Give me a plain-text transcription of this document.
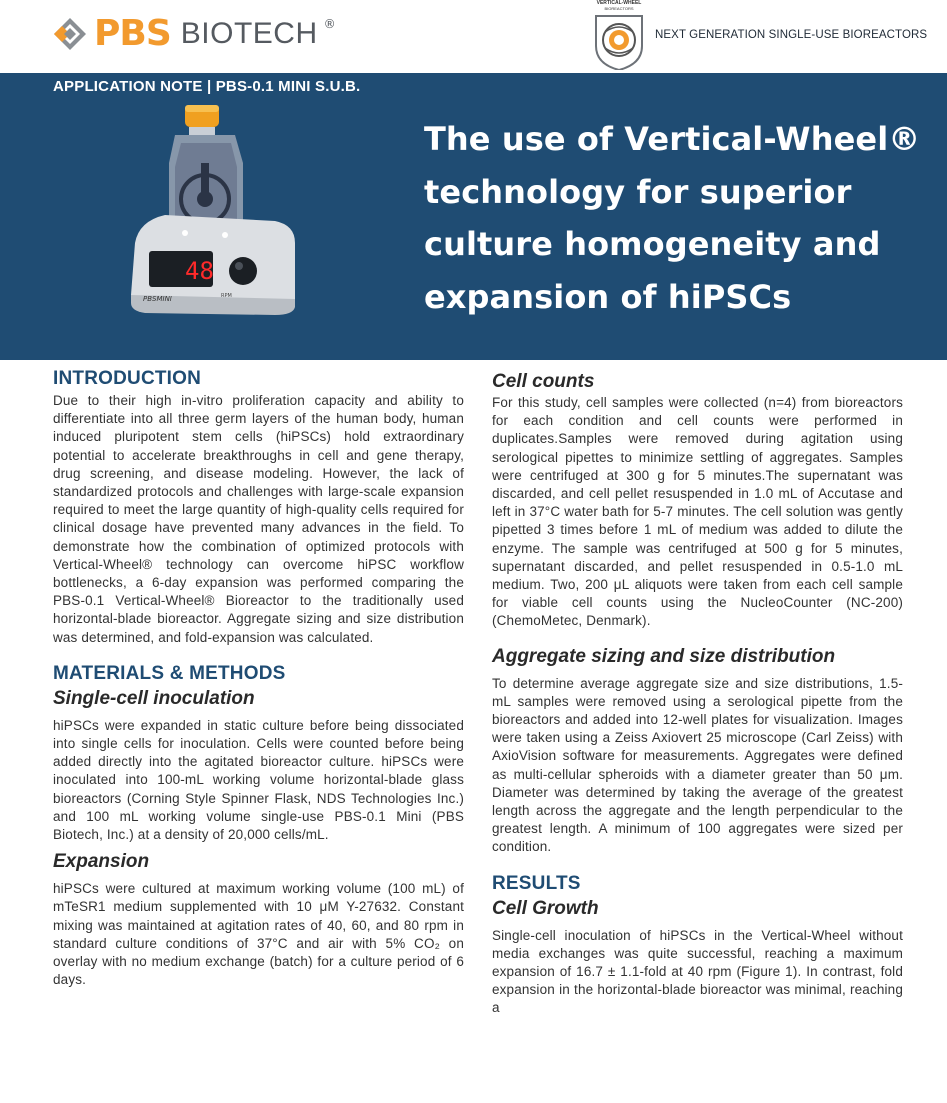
PBS BIOTECH ®
VERTICAL-WHEEL
BIOREACTORS
NEXT GENERATION SINGLE-USE BIOREACTORS
APPLICATION NOTE | PBS-0.1 MINI S.U.B.
48
RPM
PBSMINI
The use of Vertical-Wheel® technology for superior culture homogeneity and expansion of hiPSCs
INTRODUCTION

Due to their high in-vitro proliferation capacity and ability to differentiate into all three germ layers of the human body, human induced pluripotent stem cells (hiPSCs) hold extraordinary potential to accelerate breakthroughs in cell and gene therapy, drug screening, and disease modeling. However, the lack of standardized protocols and challenges with large-scale expansion required to meet the large quantity of high-quality cells required for clinical dosage have prevented many advances in the field. To demonstrate how the combination of optimized protocols with Vertical-Wheel® technology can overcome hiPSC workflow bottlenecks, a 6-day expansion was performed comparing the PBS-0.1 Vertical-Wheel® Bioreactor to the traditionally used horizontal-blade bioreactor. Aggregate sizing and size distribution was determined, and fold-expansion was calculated.

MATERIALS & METHODS
Single-cell inoculation

hiPSCs were expanded in static culture before being dissociated into single cells for inoculation. Cells were counted before being added directly into the agitated bioreactor culture. hiPSCs were inoculated into 100-mL working volume horizontal-blade glass bioreactors (Corning Style Spinner Flask, NDS Technologies Inc.) and 100 mL working volume single-use PBS-0.1 Mini (PBS Biotech, Inc.) at a density of 20,000 cells/mL.

Expansion

hiPSCs were cultured at maximum working volume (100 mL) of mTeSR1 medium supplemented with 10 μM Y-27632. Constant mixing was maintained at agitation rates of 40, 60, and 80 rpm in standard culture conditions of 37°C and air with 5% CO₂ on overlay with no medium exchange (batch) for a culture period of 6 days.

Cell counts

For this study, cell samples were collected (n=4) from bioreactors for each condition and cell counts were performed in duplicates.Samples were removed during agitation using serological pipettes to minimize settling of aggregates. Samples were centrifuged at 300 g for 5 minutes.The supernatant was discarded, and cell pellet resuspended in 1.0 mL of Accutase and left in 37°C water bath for 5-7 minutes. The cell solution was gently pipetted 3 times before 1 mL of medium was added to dilute the enzyme. The sample was centrifuged at 500 g for 5 minutes, supernatant discarded, and pellet resuspended in 0.5-1.0 mL medium. Two, 200 μL aliquots were taken from each cell sample for viable cell counts using the NucleoCounter (NC-200) (ChemoMetec, Denmark).

Aggregate sizing and size distribution

To determine average aggregate size and size distributions, 1.5-mL samples were removed using a serological pipette from the bioreactors and added into 12-well plates for visualization. Images were taken using a Zeiss Axiovert 25 microscope (Carl Zeiss) with AxioVision software for measurements. Aggregates were defined as multi-cellular spheroids with a diameter greater than 50 μm. Diameter was determined by taking the average of the greatest length across the aggregate and the length perpendicular to the greatest length. A minimum of 100 aggregates were sized per condition.

RESULTS
Cell Growth

Single-cell inoculation of hiPSCs in the Vertical-Wheel without media exchanges was quite successful, reaching a maximum expansion of 16.7 ± 1.1-fold at 40 rpm (Figure 1). In contrast, fold expansion in the horizontal-blade bioreactor was minimal, reaching a
